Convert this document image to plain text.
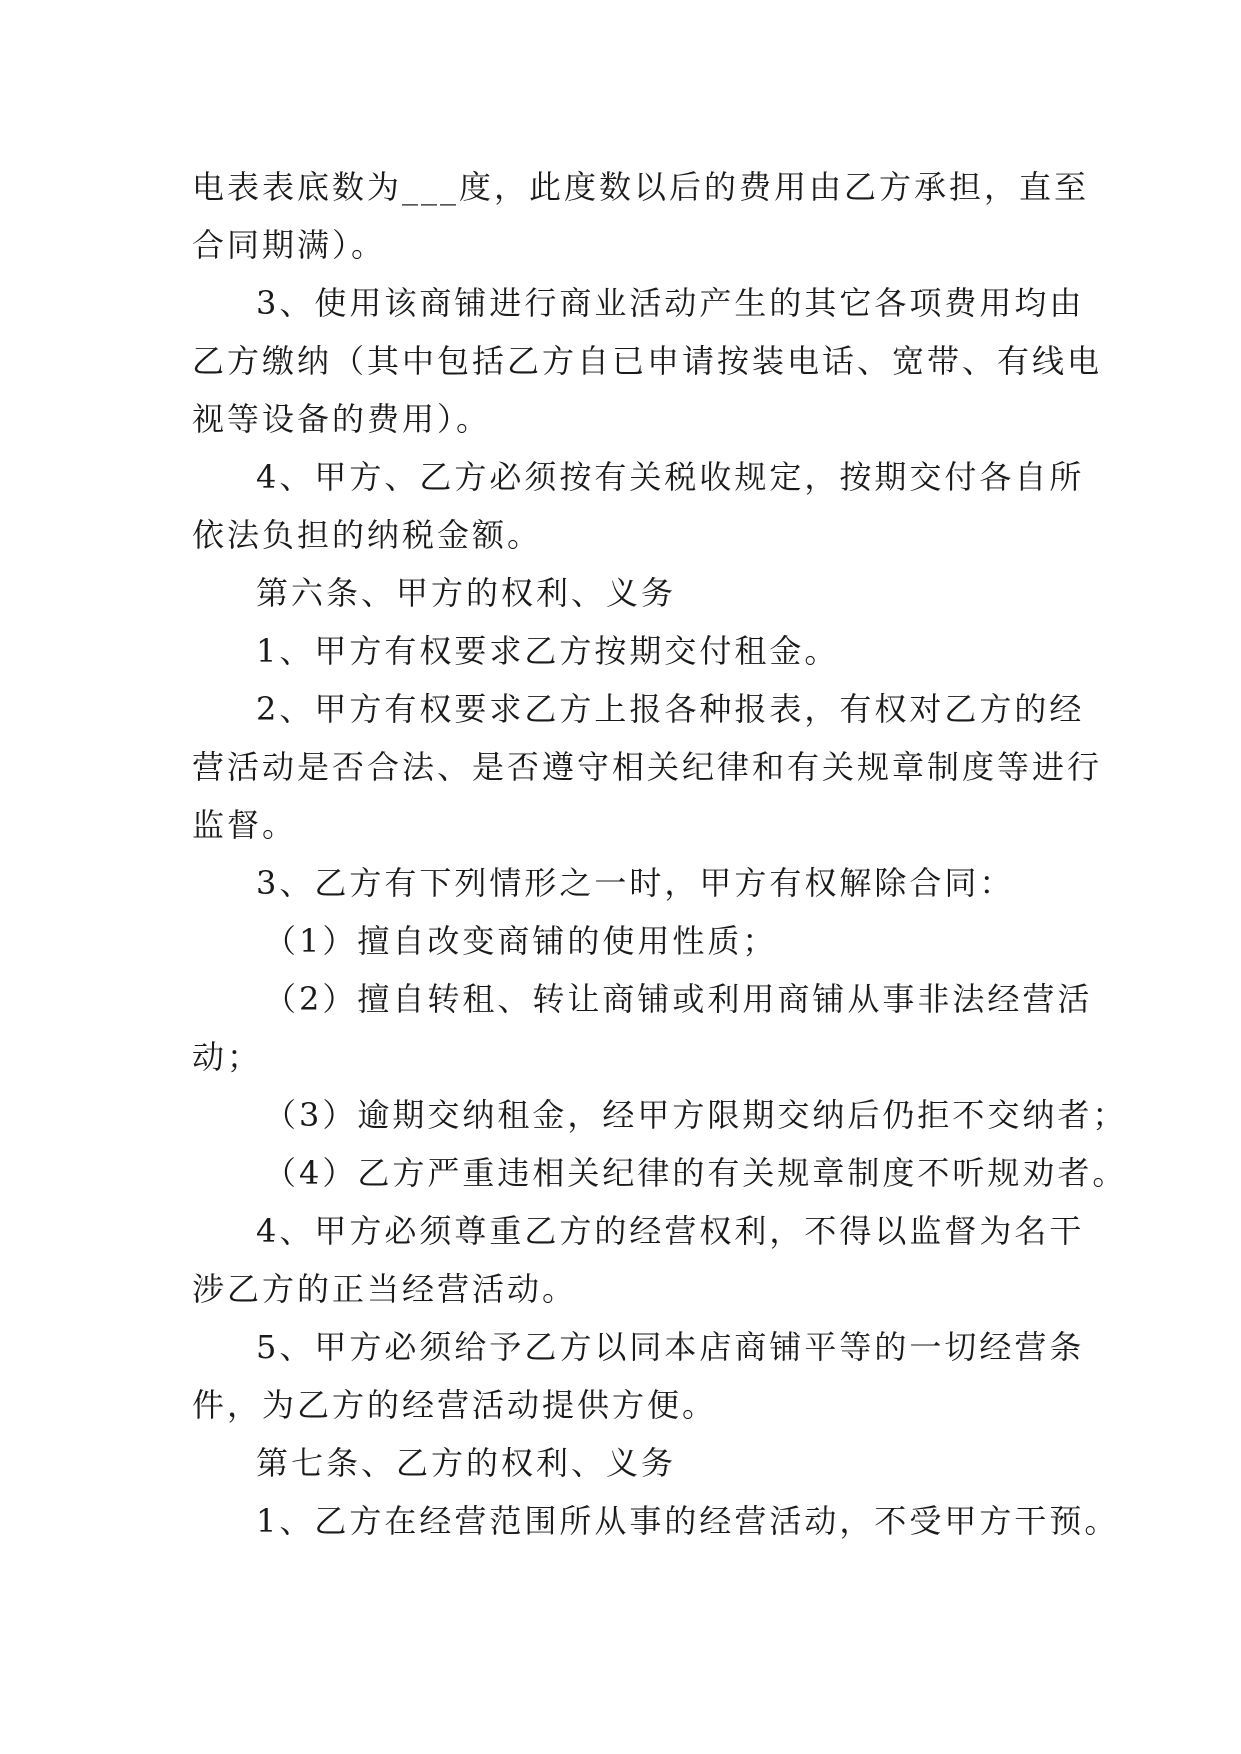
电表表底数为___度，此度数以后的费用由乙方承担，直至
合同期满）。
3、使用该商铺进行商业活动产生的其它各项费用均由
乙方缴纳（其中包括乙方自已申请按装电话、宽带、有线电
视等设备的费用）。
4、甲方、乙方必须按有关税收规定，按期交付各自所
依法负担的纳税金额。
第六条、甲方的权利、义务
1、甲方有权要求乙方按期交付租金。
2、甲方有权要求乙方上报各种报表，有权对乙方的经
营活动是否合法、是否遵守相关纪律和有关规章制度等进行
监督。
3、乙方有下列情形之一时，甲方有权解除合同：
（1）擅自改变商铺的使用性质；
（2）擅自转租、转让商铺或利用商铺从事非法经营活
动；
（3）逾期交纳租金，经甲方限期交纳后仍拒不交纳者；
（4）乙方严重违相关纪律的有关规章制度不听规劝者。
4、甲方必须尊重乙方的经营权利，不得以监督为名干
涉乙方的正当经营活动。
5、甲方必须给予乙方以同本店商铺平等的一切经营条
件，为乙方的经营活动提供方便。
第七条、乙方的权利、义务
1、乙方在经营范围所从事的经营活动，不受甲方干预。
